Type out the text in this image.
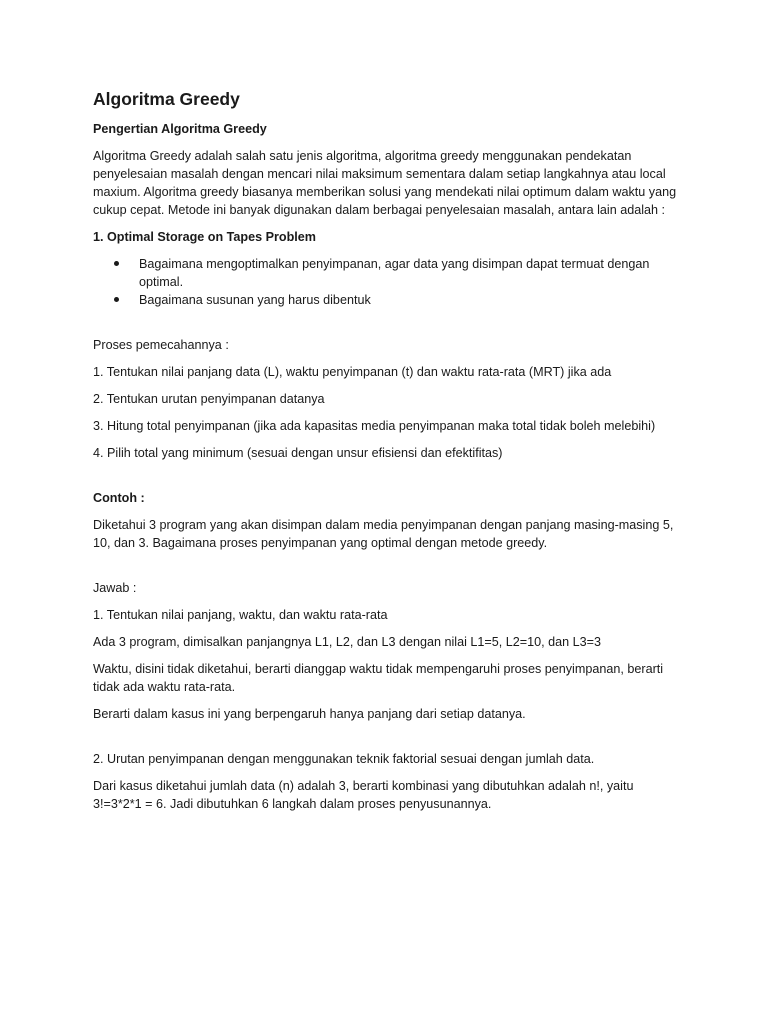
Algoritma Greedy

Pengertian Algoritma Greedy

Algoritma Greedy adalah salah satu jenis algoritma, algoritma greedy menggunakan pendekatan penyelesaian masalah dengan mencari nilai maksimum sementara dalam setiap langkahnya atau local maxium. Algoritma greedy biasanya memberikan solusi yang mendekati nilai optimum dalam waktu yang cukup cepat. Metode ini banyak digunakan dalam berbagai penyelesaian masalah, antara lain adalah :

1. Optimal Storage on Tapes Problem

Bagaimana mengoptimalkan penyimpanan, agar data yang disimpan dapat termuat dengan optimal.
Bagaimana susunan yang harus dibentuk

Proses pemecahannya :

1. Tentukan nilai panjang data (L), waktu penyimpanan (t) dan waktu rata-rata (MRT) jika ada

2. Tentukan urutan penyimpanan datanya

3. Hitung total penyimpanan (jika ada kapasitas media penyimpanan maka total tidak boleh melebihi)

4. Pilih total yang minimum (sesuai dengan unsur efisiensi dan efektifitas)

Contoh :

Diketahui 3 program yang akan disimpan dalam media penyimpanan dengan panjang masing-masing 5, 10, dan 3. Bagaimana proses penyimpanan yang optimal dengan metode greedy.

Jawab :

1. Tentukan nilai panjang, waktu, dan waktu rata-rata

Ada 3 program, dimisalkan panjangnya L1, L2, dan L3 dengan nilai L1=5, L2=10, dan L3=3

Waktu, disini tidak diketahui, berarti dianggap waktu tidak mempengaruhi proses penyimpanan, berarti tidak ada waktu rata-rata.

Berarti dalam kasus ini yang berpengaruh hanya panjang dari setiap datanya.

2. Urutan penyimpanan dengan menggunakan teknik faktorial sesuai dengan jumlah data.

Dari kasus diketahui jumlah data (n) adalah 3, berarti kombinasi yang dibutuhkan adalah n!, yaitu 3!=3*2*1 = 6. Jadi dibutuhkan 6 langkah dalam proses penyusunannya.
